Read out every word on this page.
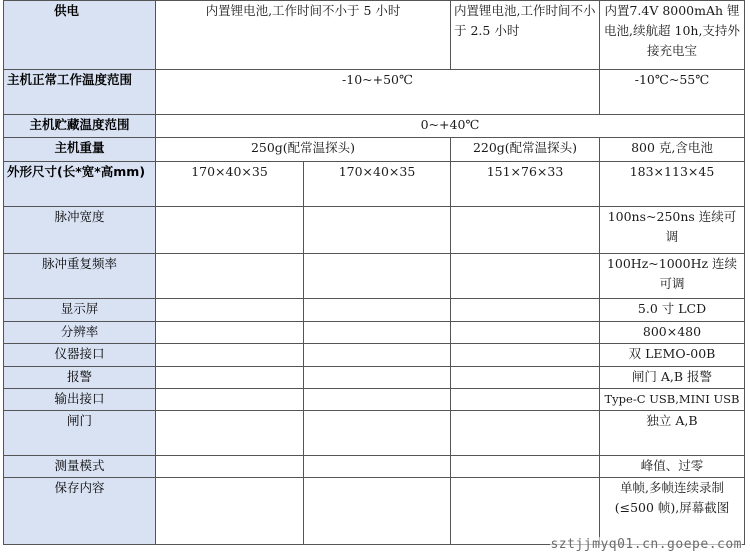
供电	内置锂电池,工作时间不小于 5 小时		内置锂电池,工作时间不小于 2.5 小时	内置7.4V 8000mAh 锂电池,续航超 10h,支持外接充电宝
主机正常工作温度范围	-10~+50℃			-10℃~55℃
主机贮藏温度范围	0~+40℃			
主机重量	250g(配常温探头)		220g(配常温探头)	800 克,含电池
外形尺寸(长*宽*高mm)	170×40×35	170×40×35	151×76×33	183×113×45
脉冲宽度				100ns~250ns 连续可调
脉冲重复频率				100Hz~1000Hz 连续可调
显示屏				5.0 寸 LCD
分辨率				800×480
仪器接口				双 LEMO-00B
报警				闸门 A,B 报警
输出接口				Type-C USB,MINI USB
闸门				独立 A,B
测量模式				峰值、过零
保存内容				单帧,多帧连续录制(≤500 帧),屏幕截图
sztjjmyq01.cn.goepe.com
